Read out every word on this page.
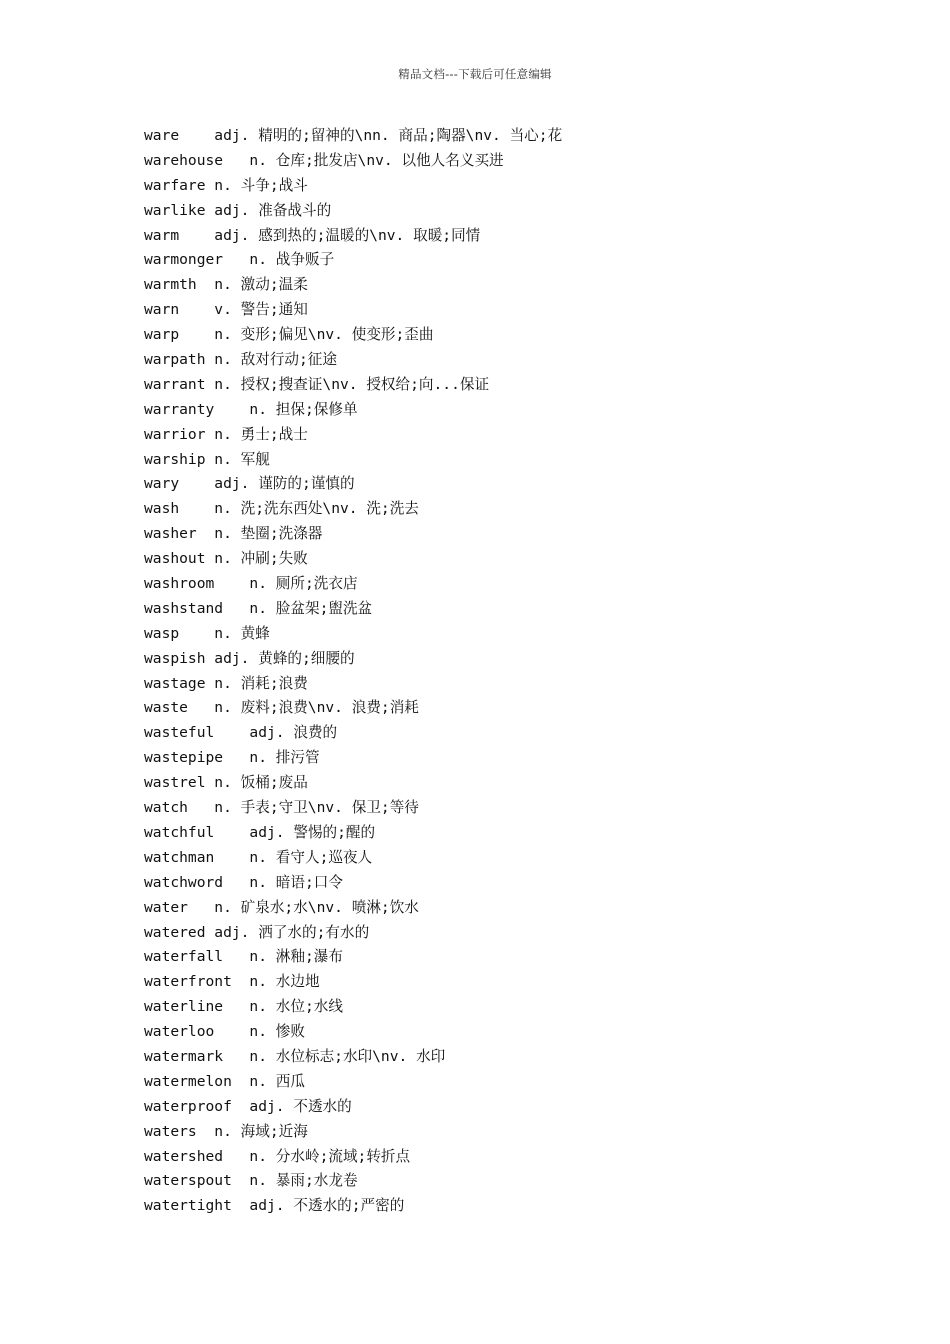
精品文档---下载后可任意编辑
ware    adj. 精明的;留神的\nn. 商品;陶器\nv. 当心;花
warehouse   n. 仓库;批发店\nv. 以他人名义买进
warfare n. 斗争;战斗
warlike adj. 准备战斗的
warm    adj. 感到热的;温暖的\nv. 取暖;同情
warmonger   n. 战争贩子
warmth  n. 激动;温柔
warn    v. 警告;通知
warp    n. 变形;偏见\nv. 使变形;歪曲
warpath n. 敌对行动;征途
warrant n. 授权;搜查证\nv. 授权给;向...保证
warranty    n. 担保;保修单
warrior n. 勇士;战士
warship n. 军舰
wary    adj. 谨防的;谨慎的
wash    n. 洗;洗东西处\nv. 洗;洗去
washer  n. 垫圈;洗涤器
washout n. 冲刷;失败
washroom    n. 厕所;洗衣店
washstand   n. 脸盆架;盥洗盆
wasp    n. 黄蜂
waspish adj. 黄蜂的;细腰的
wastage n. 消耗;浪费
waste   n. 废料;浪费\nv. 浪费;消耗
wasteful    adj. 浪费的
wastepipe   n. 排污管
wastrel n. 饭桶;废品
watch   n. 手表;守卫\nv. 保卫;等待
watchful    adj. 警惕的;醒的
watchman    n. 看守人;巡夜人
watchword   n. 暗语;口令
water   n. 矿泉水;水\nv. 喷淋;饮水
watered adj. 洒了水的;有水的
waterfall   n. 淋釉;瀑布
waterfront  n. 水边地
waterline   n. 水位;水线
waterloo    n. 惨败
watermark   n. 水位标志;水印\nv. 水印
watermelon  n. 西瓜
waterproof  adj. 不透水的
waters  n. 海域;近海
watershed   n. 分水岭;流域;转折点
waterspout  n. 暴雨;水龙卷
watertight  adj. 不透水的;严密的
